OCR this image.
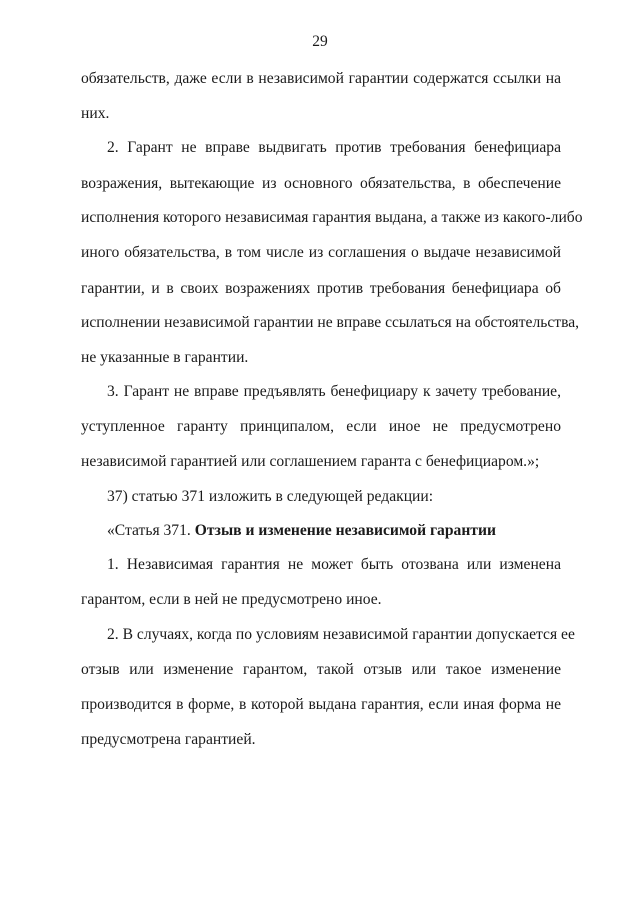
29
обязательств, даже если в независимой гарантии содержатся ссылки на
них.
2. Гарант не вправе выдвигать против требования бенефициара
возражения, вытекающие из основного обязательства, в обеспечение
исполнения которого независимая гарантия выдана, а также из какого-либо
иного обязательства, в том числе из соглашения о выдаче независимой
гарантии, и в своих возражениях против требования бенефициара об
исполнении независимой гарантии не вправе ссылаться на обстоятельства,
не указанные в гарантии.
3. Гарант не вправе предъявлять бенефициару к зачету требование,
уступленное гаранту принципалом, если иное не предусмотрено
независимой гарантией или соглашением гаранта с бенефициаром.»;
37) статью 371 изложить в следующей редакции:
«Статья 371. Отзыв и изменение независимой гарантии
1. Независимая гарантия не может быть отозвана или изменена
гарантом, если в ней не предусмотрено иное.
2. В случаях, когда по условиям независимой гарантии допускается ее
отзыв или изменение гарантом, такой отзыв или такое изменение
производится в форме, в которой выдана гарантия, если иная форма не
предусмотрена гарантией.
